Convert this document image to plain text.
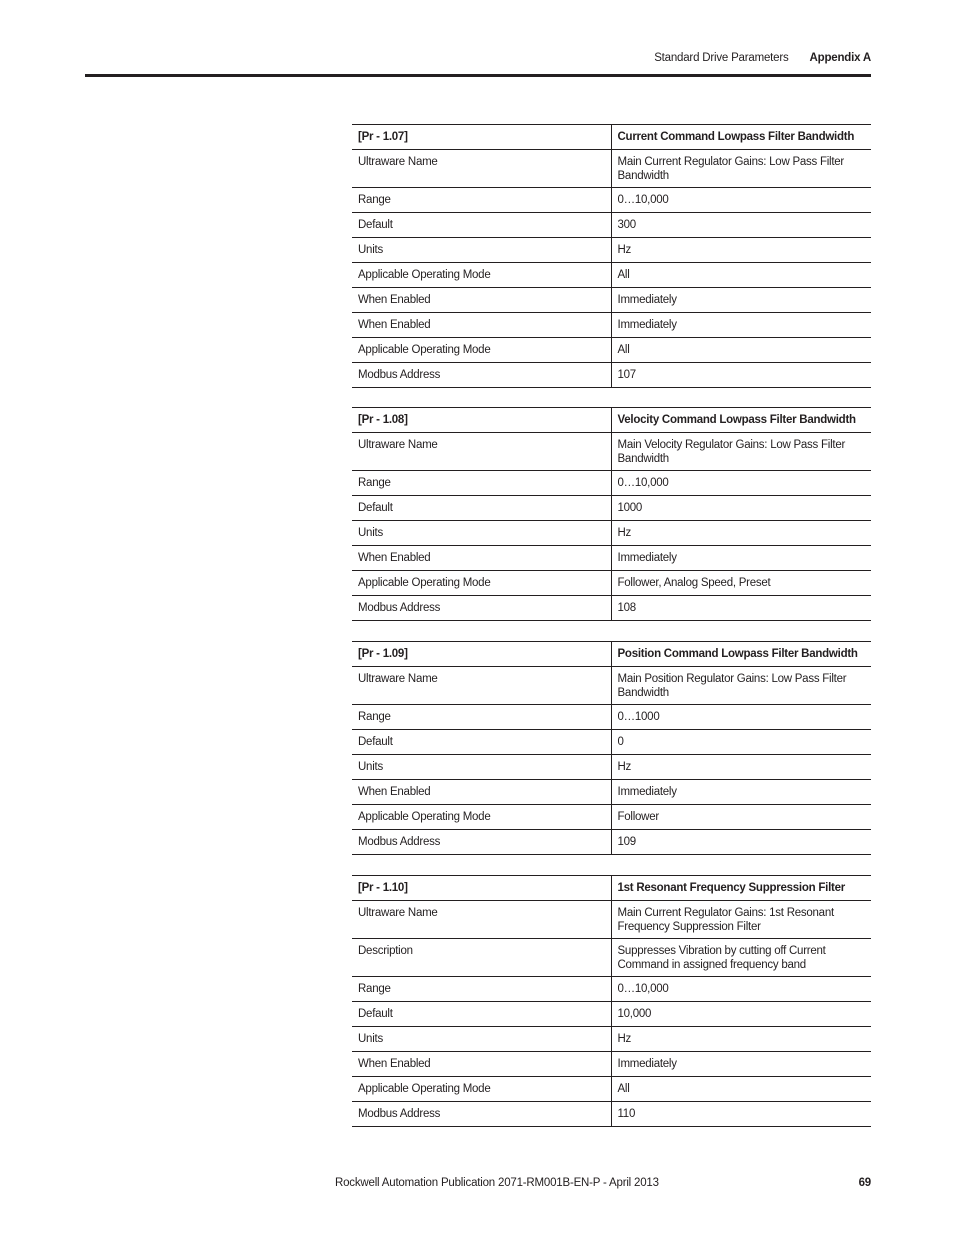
Standard Drive Parameters Appendix A
[Pr - 1.07]	Current Command Lowpass Filter Bandwidth
Ultraware Name	Main Current Regulator Gains: Low Pass Filter Bandwidth
Range	0…10,000
Default	300
Units	Hz
Applicable Operating Mode	All
When Enabled	Immediately
When Enabled	Immediately
Applicable Operating Mode	All
Modbus Address	107
[Pr - 1.08]	Velocity Command Lowpass Filter Bandwidth
Ultraware Name	Main Velocity Regulator Gains: Low Pass Filter Bandwidth
Range	0…10,000
Default	1000
Units	Hz
When Enabled	Immediately
Applicable Operating Mode	Follower, Analog Speed, Preset
Modbus Address	108
[Pr - 1.09]	Position Command Lowpass Filter Bandwidth
Ultraware Name	Main Position Regulator Gains: Low Pass Filter Bandwidth
Range	0…1000
Default	0
Units	Hz
When Enabled	Immediately
Applicable Operating Mode	Follower
Modbus Address	109
[Pr - 1.10]	1st Resonant Frequency Suppression Filter
Ultraware Name	Main Current Regulator Gains: 1st Resonant Frequency Suppression Filter
Description	Suppresses Vibration by cutting off Current Command in assigned frequency band
Range	0…10,000
Default	10,000
Units	Hz
When Enabled	Immediately
Applicable Operating Mode	All
Modbus Address	110
Rockwell Automation Publication 2071-RM001B-EN-P - April 2013	69
